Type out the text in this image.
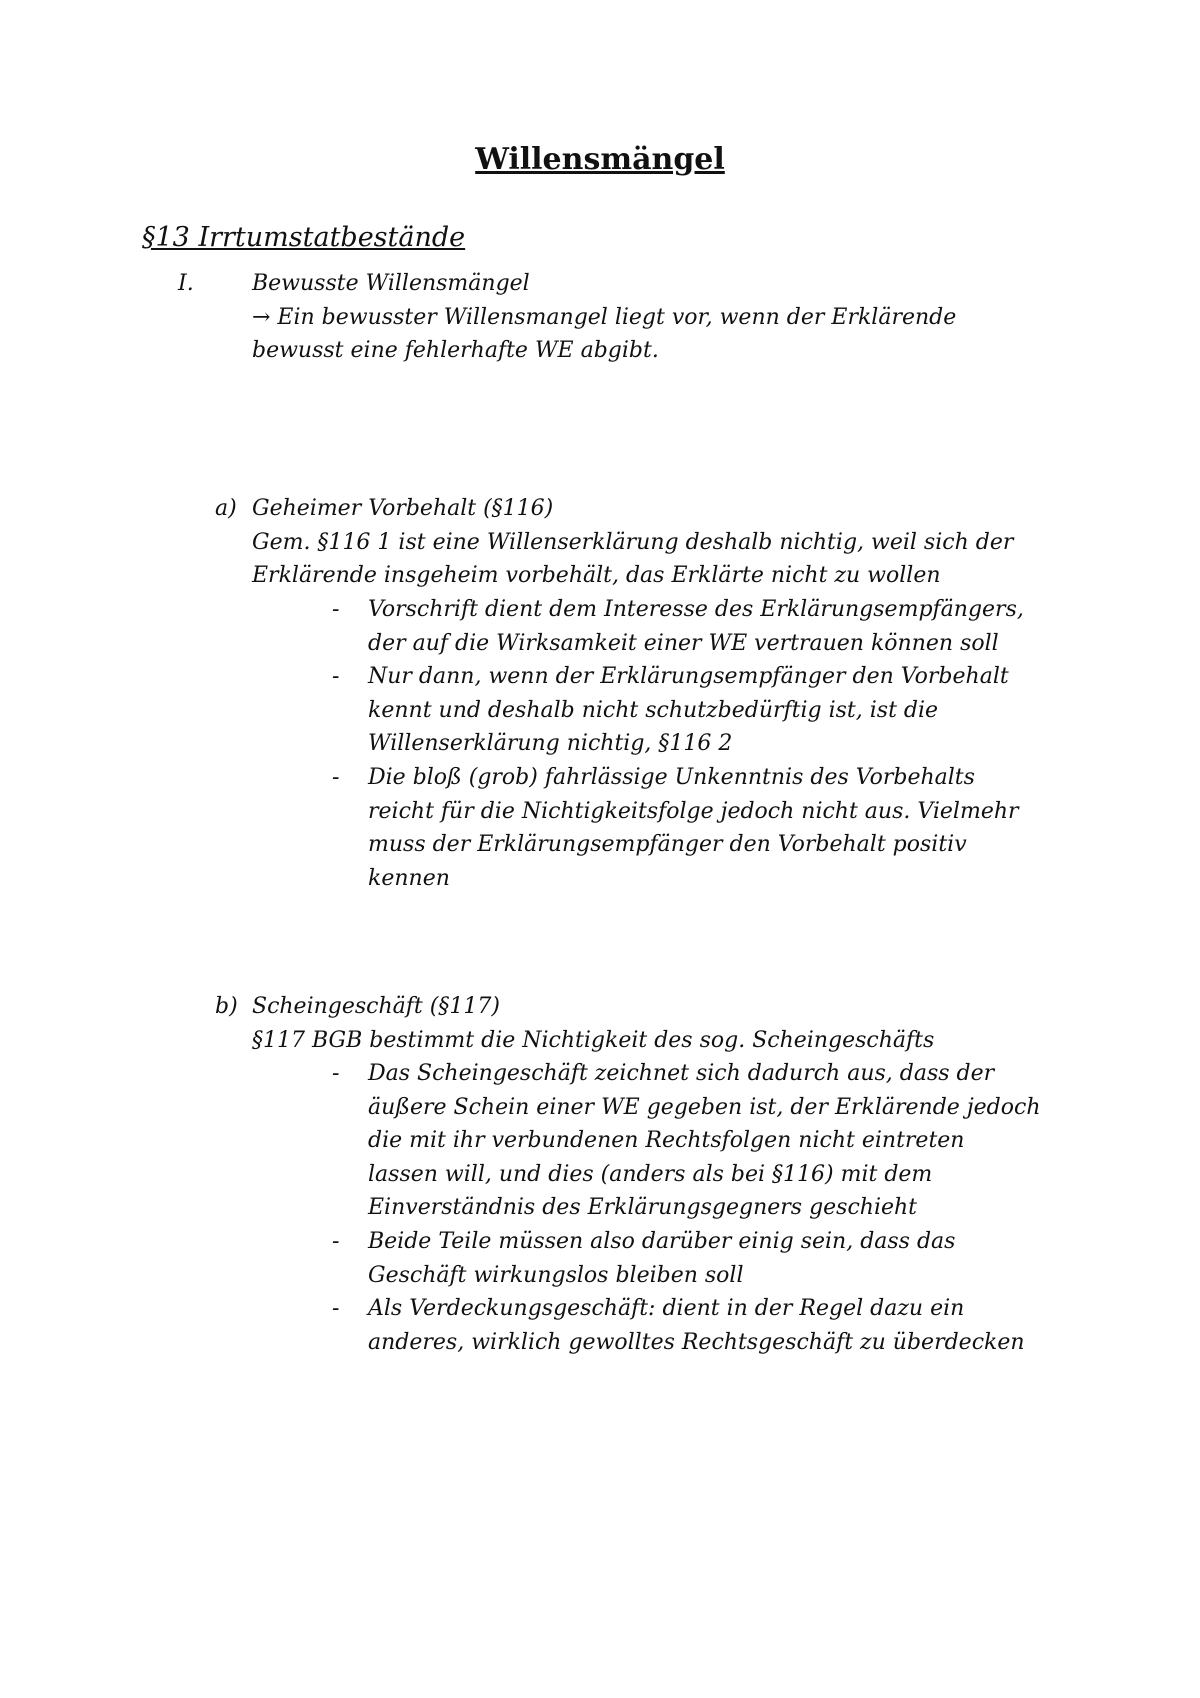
Willensmängel
§13 Irrtumstatbestände
I.	Bewusste Willensmängel
→ Ein bewusster Willensmangel liegt vor, wenn der Erklärende
bewusst eine fehlerhafte WE abgibt.
a) Geheimer Vorbehalt (§116)
Gem. §116 1 ist eine Willenserklärung deshalb nichtig, weil sich der
Erklärende insgeheim vorbehält, das Erklärte nicht zu wollen
-	Vorschrift dient dem Interesse des Erklärungsempfängers,
der auf die Wirksamkeit einer WE vertrauen können soll
-	Nur dann, wenn der Erklärungsempfänger den Vorbehalt
kennt und deshalb nicht schutzbedürftig ist, ist die
Willenserklärung nichtig, §116 2
-	Die bloß (grob) fahrlässige Unkenntnis des Vorbehalts
reicht für die Nichtigkeitsfolge jedoch nicht aus. Vielmehr
muss der Erklärungsempfänger den Vorbehalt positiv
kennen
b) Scheingeschäft (§117)
§117 BGB bestimmt die Nichtigkeit des sog. Scheingeschäfts
-	Das Scheingeschäft zeichnet sich dadurch aus, dass der
äußere Schein einer WE gegeben ist, der Erklärende jedoch
die mit ihr verbundenen Rechtsfolgen nicht eintreten
lassen will, und dies (anders als bei §116) mit dem
Einverständnis des Erklärungsgegners geschieht
-	Beide Teile müssen also darüber einig sein, dass das
Geschäft wirkungslos bleiben soll
-	Als Verdeckungsgeschäft: dient in der Regel dazu ein
anderes, wirklich gewolltes Rechtsgeschäft zu überdecken
